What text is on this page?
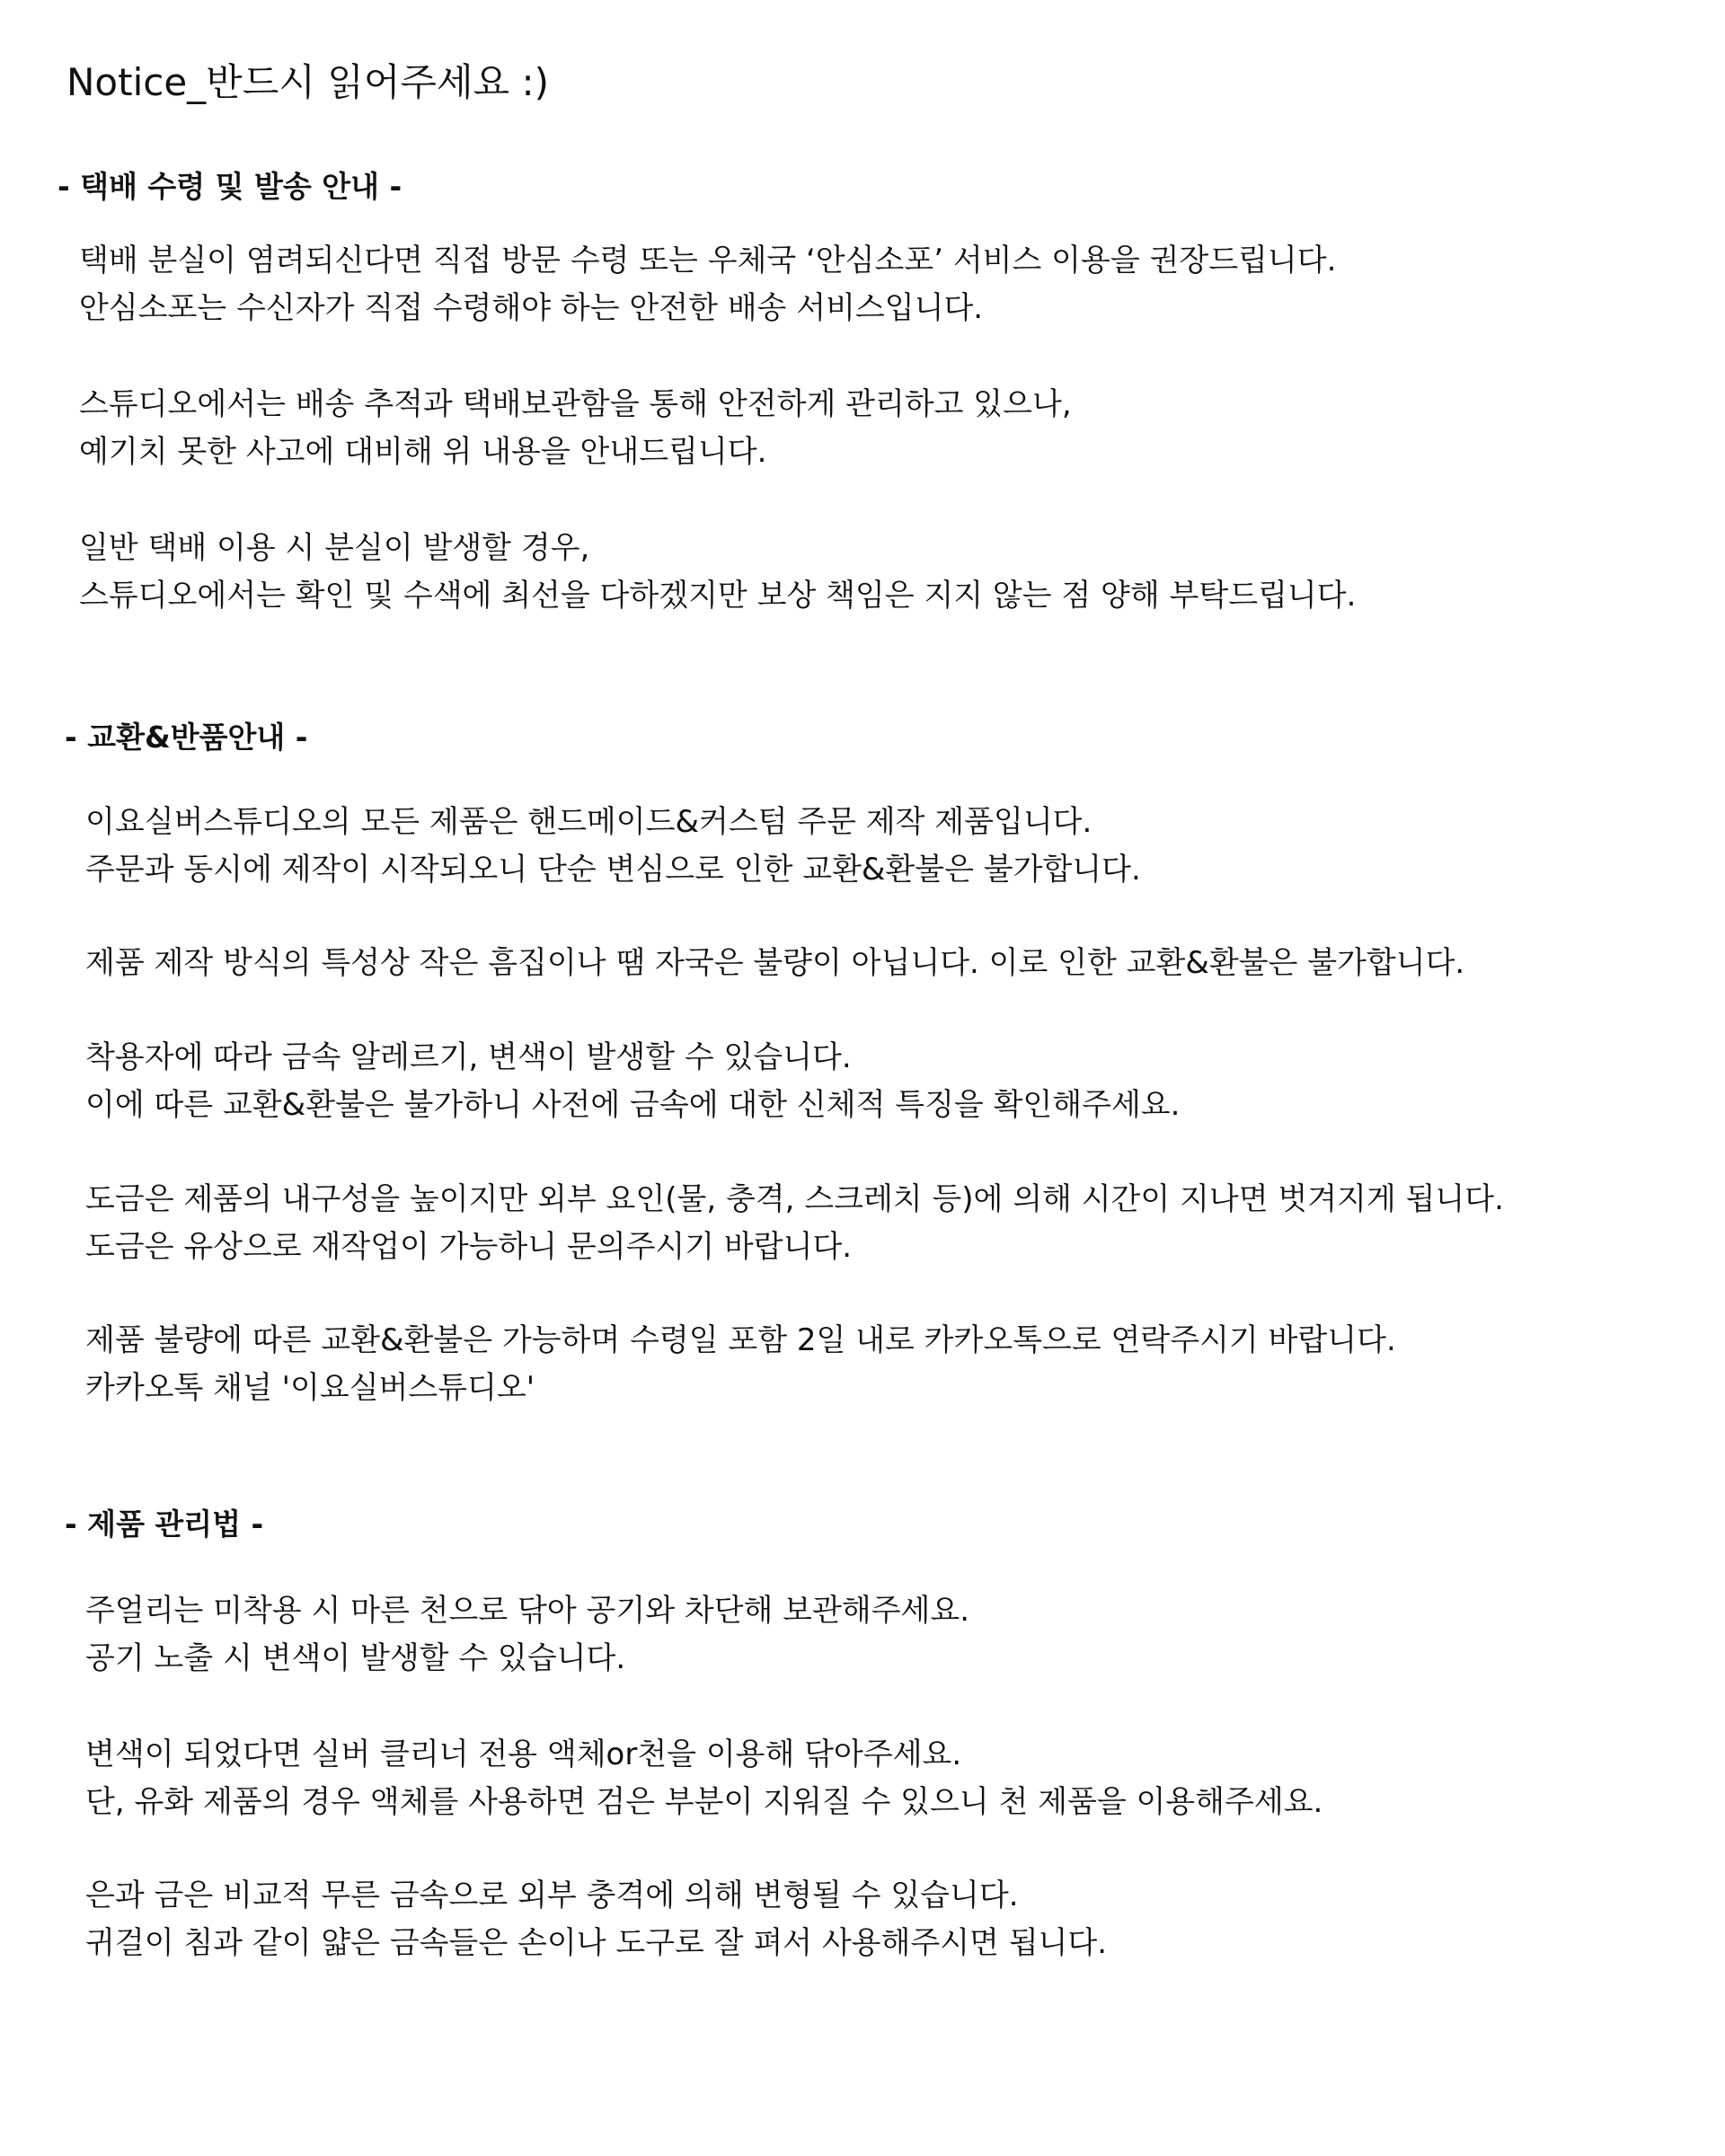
Notice_반드시 읽어주세요 :)
- 택배 수령 및 발송 안내 -

택배 분실이 염려되신다면 직접 방문 수령 또는 우체국 ‘안심소포’ 서비스 이용을 권장드립니다.
안심소포는 수신자가 직접 수령해야 하는 안전한 배송 서비스입니다.

스튜디오에서는 배송 추적과 택배보관함을 통해 안전하게 관리하고 있으나,
예기치 못한 사고에 대비해 위 내용을 안내드립니다.

일반 택배 이용 시 분실이 발생할 경우,
스튜디오에서는 확인 및 수색에 최선을 다하겠지만 보상 책임은 지지 않는 점 양해 부탁드립니다.

- 교환&반품안내 -

이요실버스튜디오의 모든 제품은 핸드메이드&커스텀 주문 제작 제품입니다.
주문과 동시에 제작이 시작되오니 단순 변심으로 인한 교환&환불은 불가합니다.

제품 제작 방식의 특성상 작은 흠집이나 땜 자국은 불량이 아닙니다. 이로 인한 교환&환불은 불가합니다.

착용자에 따라 금속 알레르기, 변색이 발생할 수 있습니다.
이에 따른 교환&환불은 불가하니 사전에 금속에 대한 신체적 특징을 확인해주세요.

도금은 제품의 내구성을 높이지만 외부 요인(물, 충격, 스크레치 등)에 의해 시간이 지나면 벗겨지게 됩니다.
도금은 유상으로 재작업이 가능하니 문의주시기 바랍니다.

제품 불량에 따른 교환&환불은 가능하며 수령일 포함 2일 내로 카카오톡으로 연락주시기 바랍니다.
카카오톡 채널 '이요실버스튜디오'

- 제품 관리법 -

주얼리는 미착용 시 마른 천으로 닦아 공기와 차단해 보관해주세요.
공기 노출 시 변색이 발생할 수 있습니다.

변색이 되었다면 실버 클리너 전용 액체or천을 이용해 닦아주세요.
단, 유화 제품의 경우 액체를 사용하면 검은 부분이 지워질 수 있으니 천 제품을 이용해주세요.

은과 금은 비교적 무른 금속으로 외부 충격에 의해 변형될 수 있습니다.
귀걸이 침과 같이 얇은 금속들은 손이나 도구로 잘 펴서 사용해주시면 됩니다.
